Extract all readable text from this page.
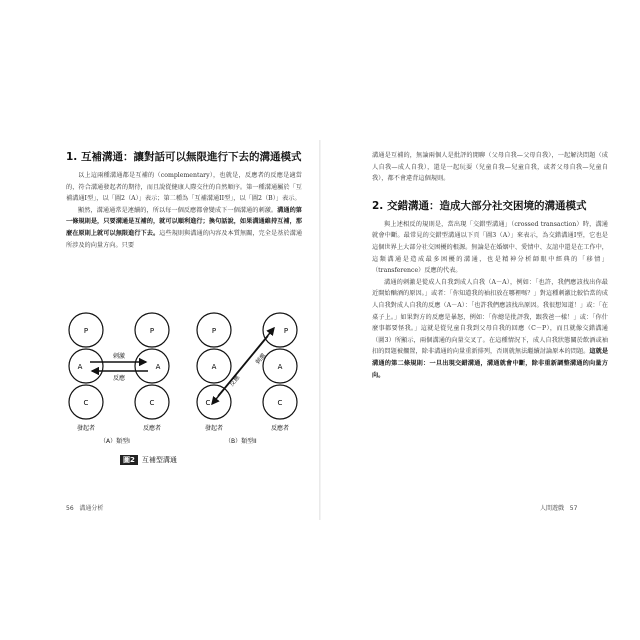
1. 互補溝通：讓對話可以無限進行下去的溝通模式

以上這兩種溝通都是互補的（complementary），也就是，反應者的反應是適當的，符合溝通發起者的期待，而且說從健康人際交往的自然順序。第一種溝通屬於「互補溝通I型」，以「圖2（A）」表示；第二種為「互補溝通II型」，以「圖2（B）」表示。

顯然，溝通通常是連續的，所以每一個反應都會變成下一個溝通的刺激。溝通的第一條規則是，只要溝通是互補的，就可以順利進行；換句話說，如果溝通維持互補，那麼在原則上就可以無限進行下去。這些規則與溝通的內容及本質無關，完全是基於溝通所涉及的向量方向。只要

P
A
C
P
A
C
刺激
反應
發起者	反應者
P
A
C
P
A
C
刺激
反應
發起者	反應者
（A）類型I	（B）類型II
圖2 互補型溝通
56 溝通分析

溝通是互補的，無論兩個人是批評的閒聊（父母自我—父母自我），一起解決問題（成人自我—成人自我），還是一起玩耍（兒童自我—兒童自我，或者父母自我—兒童自我），都不會違背這個規則。

2. 交錯溝通：造成大部分社交困境的溝通模式

與上述相反的規則是，當出現「交錯型溝通」（crossed transaction）時，溝通就會中斷。最常見的交錯型溝通以下頁「圖3（A）」來表示，為交錯溝通I型，它也是這個世界上大部分社交困擾的根源。無論是在婚姻中、愛情中、友誼中還是在工作中，這類溝通是造成最多困擾的溝通，也是精神分析師眼中經典的「移情」（transference）反應的代表。

溝通的刺激是從成人自我到成人自我（A－A），例如：「也許，我們應該找出你最近開始酗酒的原因。」或者：「你知道我的袖扣放在哪裡嗎？」對這種刺激比較恰當的成人自我對成人自我的反應（A－A）：「也許我們應該找出原因。我很想知道！」或：「在桌子上。」如果對方的反應是暴怒，例如：「你總是批評我，跟我爸一樣！」或：「你什麼事都要怪我。」這就是從兒童自我到父母自我的回應（C－P），而且就像交錯溝通（圖3）所顯示，兩個溝通的向量交叉了。在這種情況下，成人自我狀態關於飲酒或袖扣的問題被擱置，除非溝通的向量重新排列，否則就無法繼續討論原本的問題。這就是溝通的第二條規則：一旦出現交錯溝通，溝通就會中斷，除非重新調整溝通的向量方向。

人間遊戲 57
